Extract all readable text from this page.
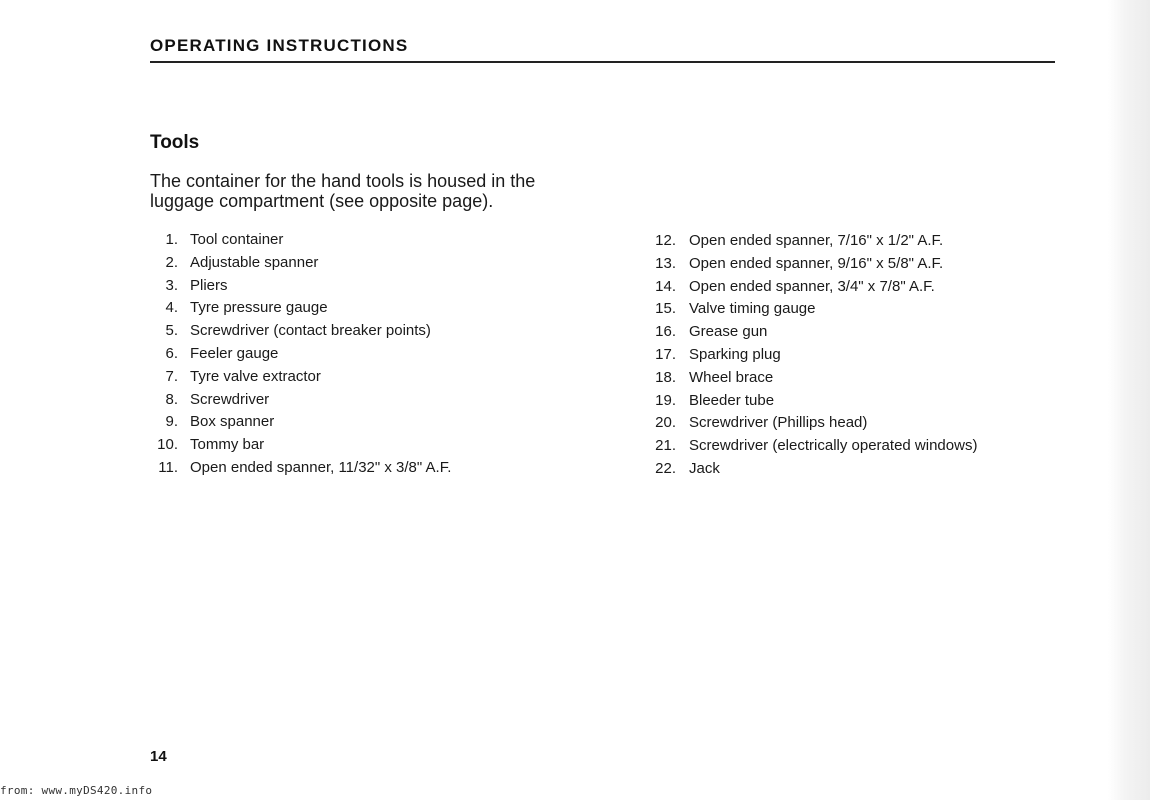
OPERATING INSTRUCTIONS
Tools
The container for the hand tools is housed in the luggage compartment (see opposite page).
1. Tool container
2. Adjustable spanner
3. Pliers
4. Tyre pressure gauge
5. Screwdriver (contact breaker points)
6. Feeler gauge
7. Tyre valve extractor
8. Screwdriver
9. Box spanner
10. Tommy bar
11. Open ended spanner, 11/32" x 3/8" A.F.
12. Open ended spanner, 7/16" x 1/2" A.F.
13. Open ended spanner, 9/16" x 5/8" A.F.
14. Open ended spanner, 3/4" x 7/8" A.F.
15. Valve timing gauge
16. Grease gun
17. Sparking plug
18. Wheel brace
19. Bleeder tube
20. Screwdriver (Phillips head)
21. Screwdriver (electrically operated windows)
22. Jack
14
from: www.myDS420.info
